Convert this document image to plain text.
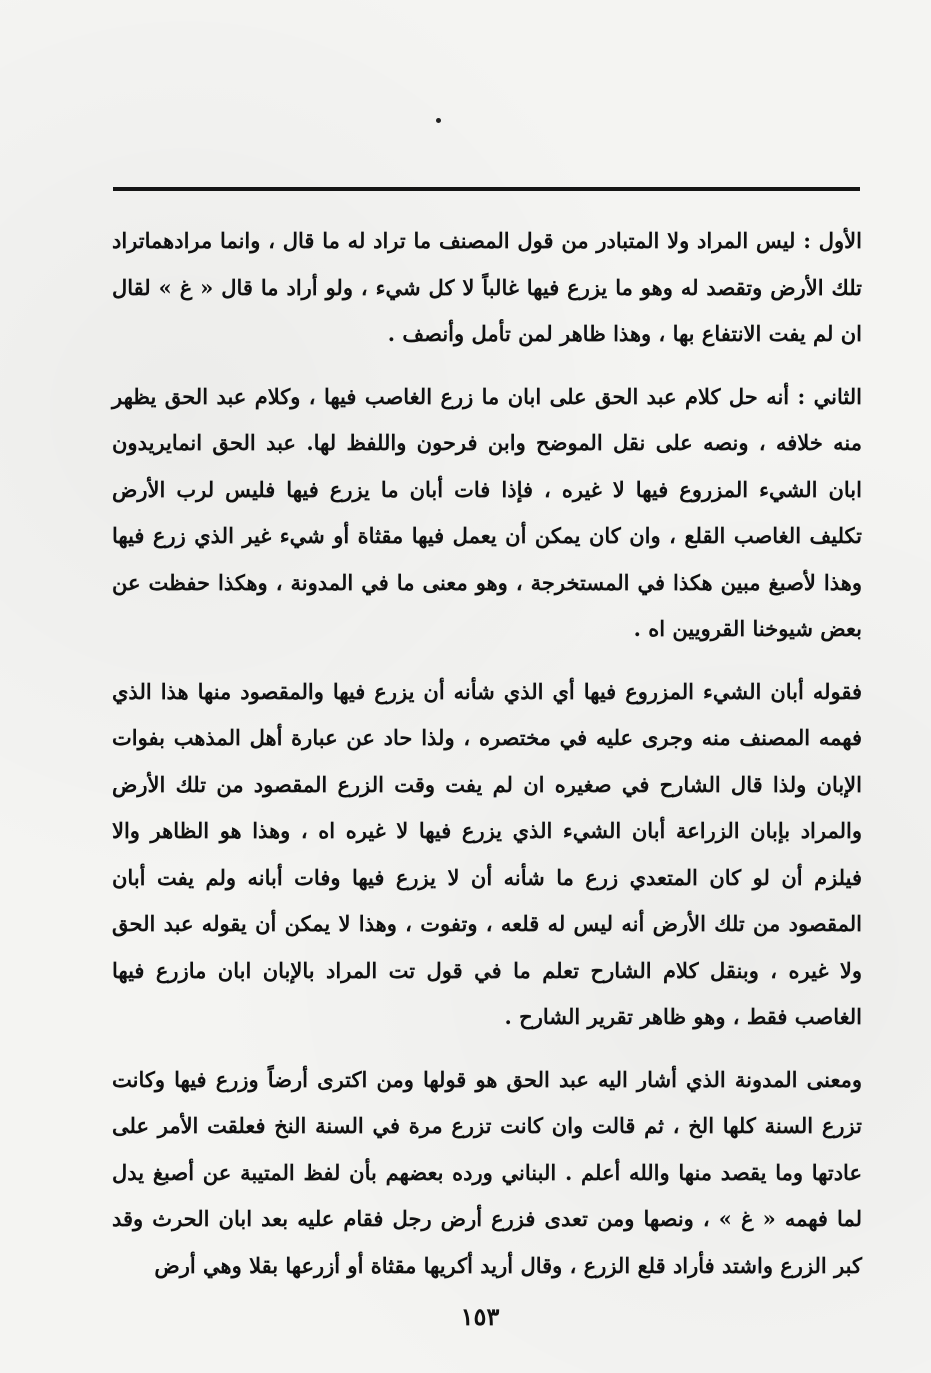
الأول : ليس المراد ولا المتبادر من قول المصنف ما تراد له ما قال ، وانما مرادهماتراد تلك الأرض وتقصد له وهو ما يزرع فيها غالباً لا كل شيء ، ولو أراد ما قال « غ » لقال ان لم يفت الانتفاع بها ، وهذا ظاهر لمن تأمل وأنصف .

الثاني : أنه حل كلام عبد الحق على ابان ما زرع الغاصب فيها ، وكلام عبد الحق يظهر منه خلافه ، ونصه على نقل الموضح وابن فرحون واللفظ لها. عبد الحق انمايريدون ابان الشيء المزروع فيها لا غيره ، فإذا فات أبان ما يزرع فيها فليس لرب الأرض تكليف الغاصب القلع ، وان كان يمكن أن يعمل فيها مقثاة أو شيء غير الذي زرع فيها وهذا لأصبغ مبين هكذا في المستخرجة ، وهو معنى ما في المدونة ، وهكذا حفظت عن بعض شيوخنا القرويين اه .

فقوله أبان الشيء المزروع فيها أي الذي شأنه أن يزرع فيها والمقصود منها هذا الذي فهمه المصنف منه وجرى عليه في مختصره ، ولذا حاد عن عبارة أهل المذهب بفوات الإبان ولذا قال الشارح في صغيره ان لم يفت وقت الزرع المقصود من تلك الأرض والمراد بإبان الزراعة أبان الشيء الذي يزرع فيها لا غيره اه ، وهذا هو الظاهر والا فيلزم أن لو كان المتعدي زرع ما شأنه أن لا يزرع فيها وفات أبانه ولم يفت أبان المقصود من تلك الأرض أنه ليس له قلعه ، وتفوت ، وهذا لا يمكن أن يقوله عبد الحق ولا غيره ، وبنقل كلام الشارح تعلم ما في قول تت المراد بالإبان ابان مازرع فيها الغاصب فقط ، وهو ظاهر تقرير الشارح .

ومعنى المدونة الذي أشار اليه عبد الحق هو قولها ومن اكترى أرضاً وزرع فيها وكانت تزرع السنة كلها الخ ، ثم قالت وان كانت تزرع مرة في السنة النخ فعلقت الأمر على عادتها وما يقصد منها والله أعلم . البناني ورده بعضهم بأن لفظ المتيبة عن أصبغ يدل لما فهمه « غ » ، ونصها ومن تعدى فزرع أرض رجل فقام عليه بعد ابان الحرث وقد كبر الزرع واشتد فأراد قلع الزرع ، وقال أريد أكريها مقثاة أو أزرعها بقلا وهي أرض

١٥٣
